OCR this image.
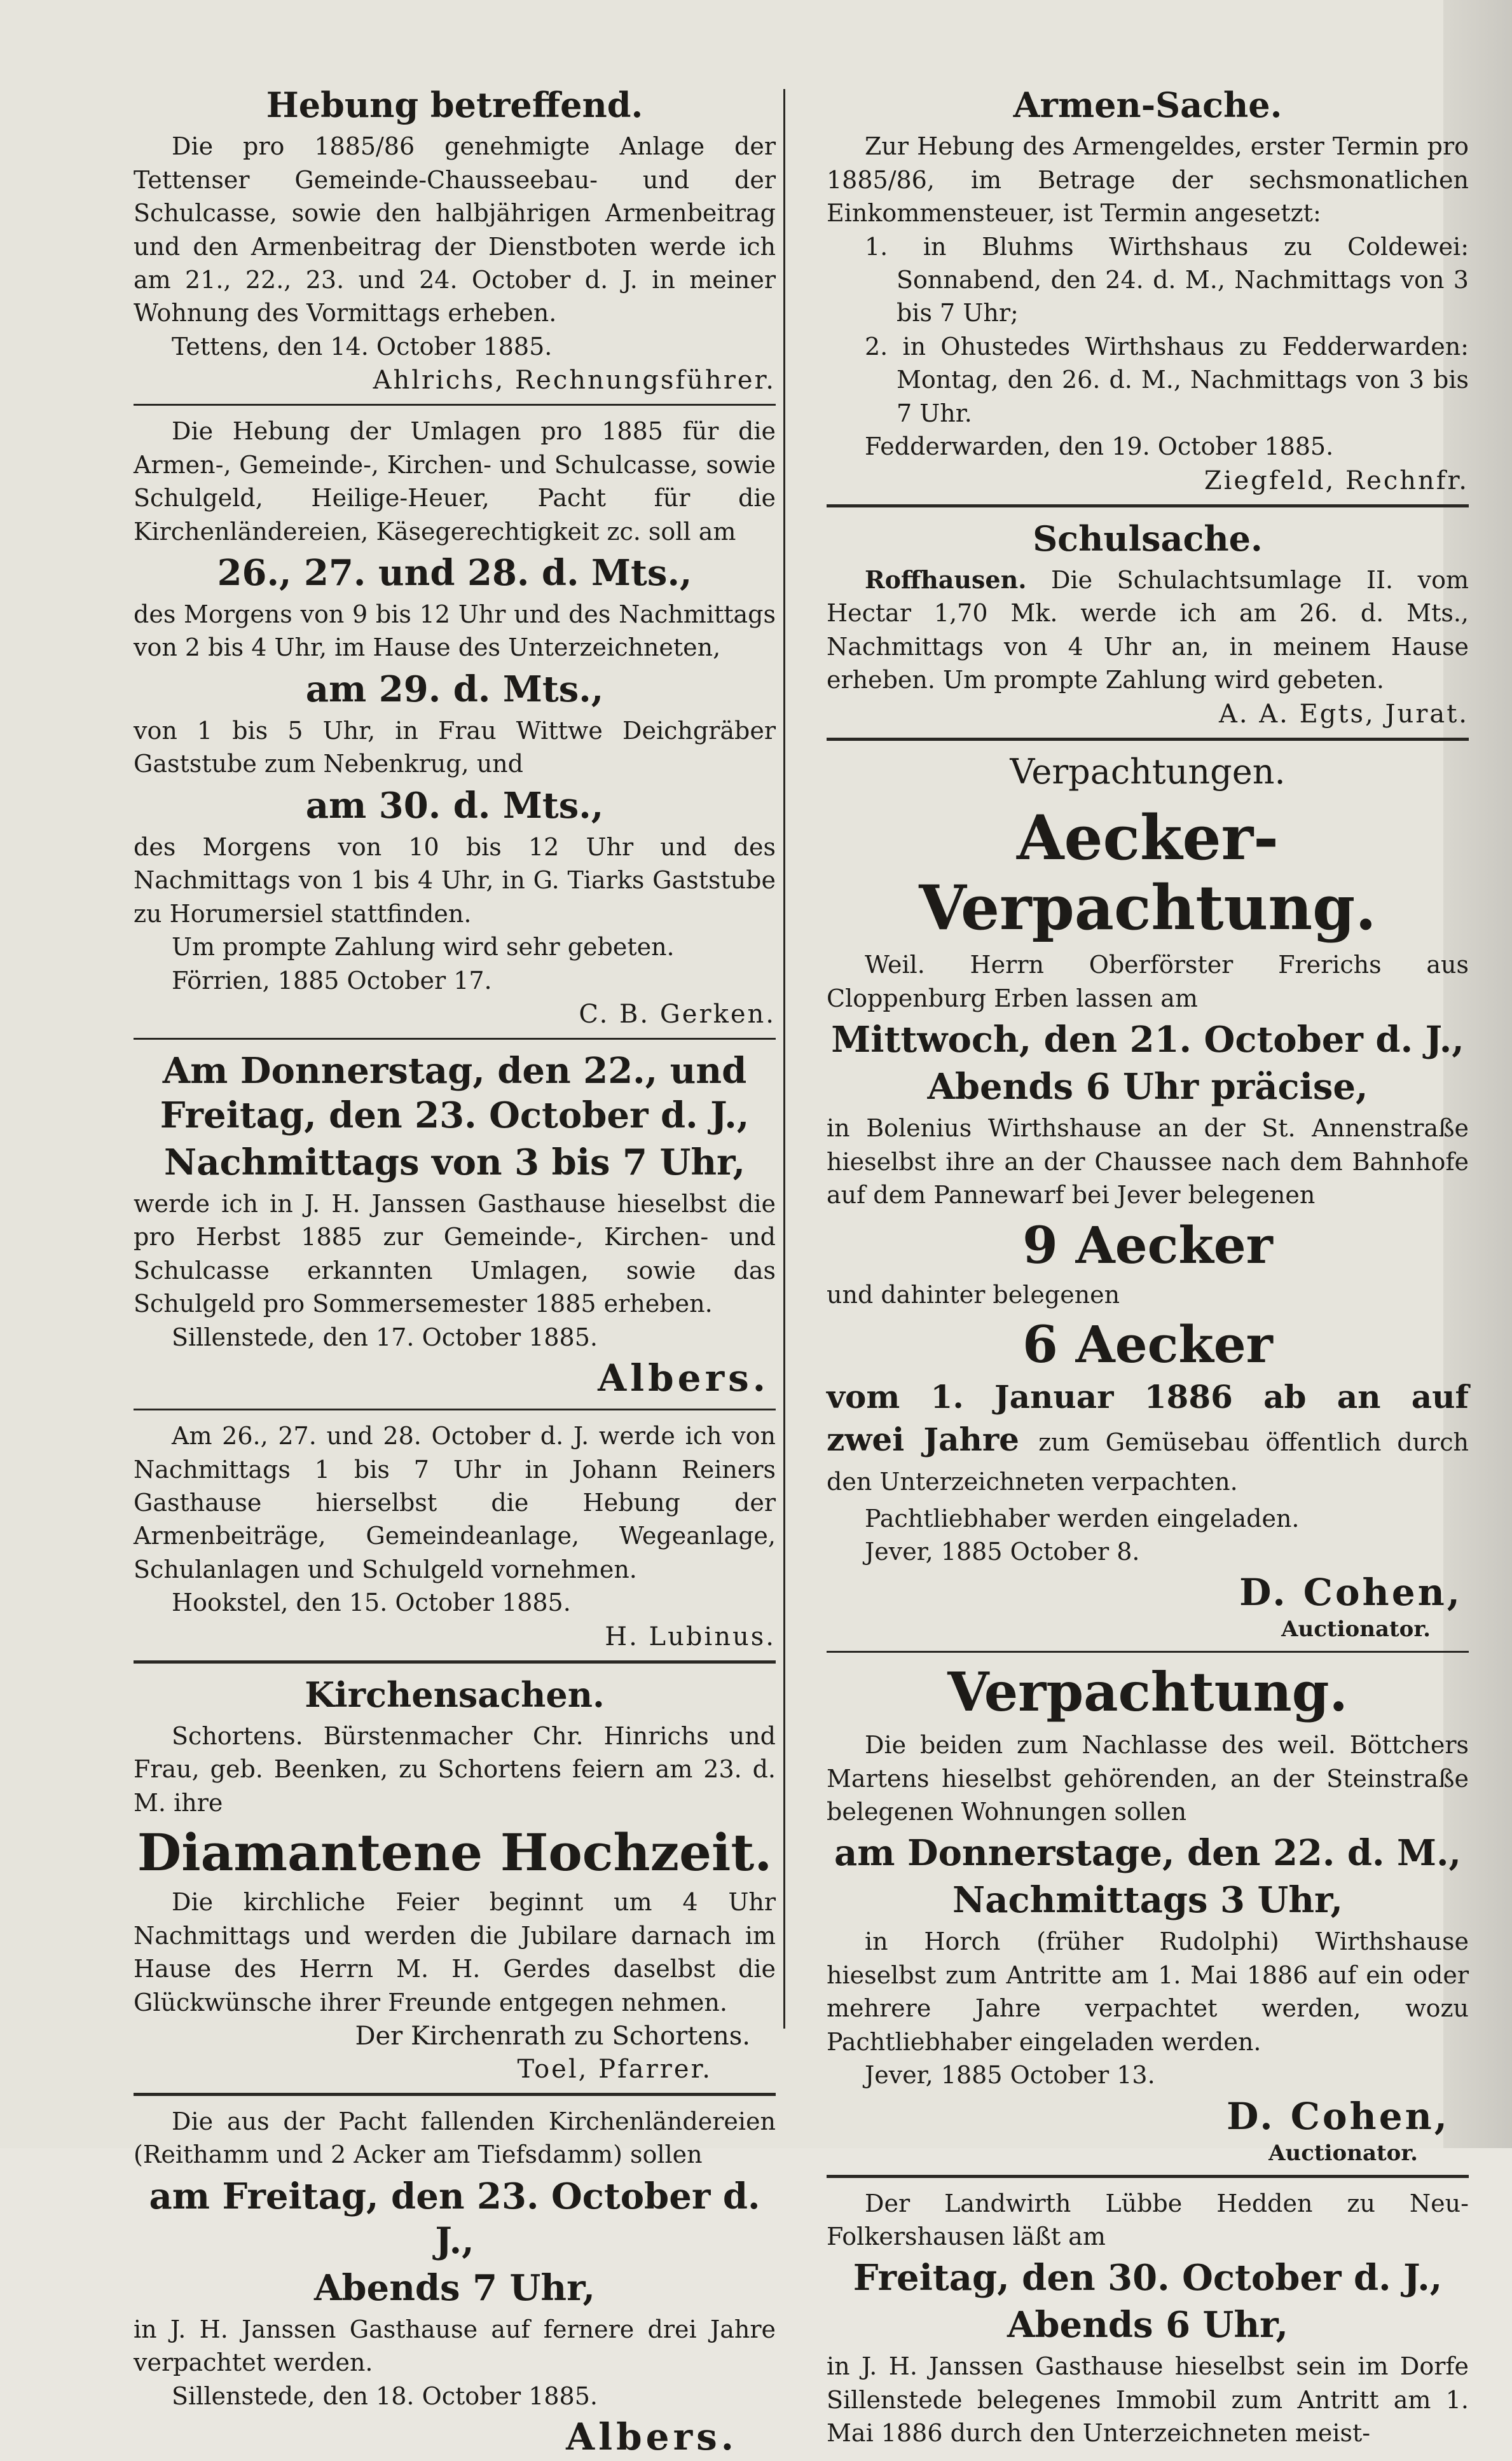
Hebung betreffend.

Die pro 1885/86 genehmigte Anlage der Tettenser Gemeinde-Chausseebau- und der Schulcasse, sowie den halbjährigen Armenbeitrag und den Armenbeitrag der Dienstboten werde ich am 21., 22., 23. und 24. October d. J. in meiner Wohnung des Vormittags erheben.

Tettens, den 14. October 1885.

Ahlrichs, Rechnungsführer.

Die Hebung der Umlagen pro 1885 für die Armen-, Gemeinde-, Kirchen- und Schulcasse, sowie Schulgeld, Heilige-Heuer, Pacht für die Kirchenländereien, Käsegerechtigkeit zc. soll am

26., 27. und 28. d. Mts.,

des Morgens von 9 bis 12 Uhr und des Nachmittags von 2 bis 4 Uhr, im Hause des Unterzeichneten,

am 29. d. Mts.,

von 1 bis 5 Uhr, in Frau Wittwe Deichgräber Gaststube zum Nebenkrug, und

am 30. d. Mts.,

des Morgens von 10 bis 12 Uhr und des Nachmittags von 1 bis 4 Uhr, in G. Tiarks Gaststube zu Horumersiel stattfinden.

Um prompte Zahlung wird sehr gebeten.

Förrien, 1885 October 17.

C. B. Gerken.
Am Donnerstag, den 22., und Freitag, den 23. October d. J.,
Nachmittags von 3 bis 7 Uhr,

werde ich in J. H. Janssen Gasthause hieselbst die pro Herbst 1885 zur Gemeinde-, Kirchen- und Schulcasse erkannten Umlagen, sowie das Schulgeld pro Sommersemester 1885 erheben.

Sillenstede, den 17. October 1885.

Albers.

Am 26., 27. und 28. October d. J. werde ich von Nachmittags 1 bis 7 Uhr in Johann Reiners Gasthause hierselbst die Hebung der Armenbeiträge, Gemeindeanlage, Wegeanlage, Schulanlagen und Schulgeld vornehmen.

Hookstel, den 15. October 1885.

H. Lubinus.
Kirchensachen.

Schortens. Bürstenmacher Chr. Hinrichs und Frau, geb. Beenken, zu Schortens feiern am 23. d. M. ihre

Diamantene Hochzeit.

Die kirchliche Feier beginnt um 4 Uhr Nachmittags und werden die Jubilare darnach im Hause des Herrn M. H. Gerdes daselbst die Glückwünsche ihrer Freunde entgegen nehmen.

Der Kirchenrath zu Schortens.
Toel, Pfarrer.

Die aus der Pacht fallenden Kirchenländereien (Reithamm und 2 Acker am Tiefsdamm) sollen

am Freitag, den 23. October d. J.,
Abends 7 Uhr,

in J. H. Janssen Gasthause auf fernere drei Jahre verpachtet werden.

Sillenstede, den 18. October 1885.

Albers.
Armen-Sache.

Zur Hebung des Armengeldes, erster Termin pro 1885/86, im Betrage der sechsmonatlichen Einkommensteuer, ist Termin angesetzt:

1. in Bluhms Wirthshaus zu Coldewei: Sonnabend, den 24. d. M., Nachmittags von 3 bis 7 Uhr;

2. in Ohustedes Wirthshaus zu Fedderwarden: Montag, den 26. d. M., Nachmittags von 3 bis 7 Uhr.

Fedderwarden, den 19. October 1885.

Ziegfeld, Rechnfr.
Schulsache.

Roffhausen. Die Schulachtsumlage II. vom Hectar 1,70 Mk. werde ich am 26. d. Mts., Nachmittags von 4 Uhr an, in meinem Hause erheben. Um prompte Zahlung wird gebeten.

A. A. Egts, Jurat.
Verpachtungen.
Aecker-Verpachtung.

Weil. Herrn Oberförster Frerichs aus Cloppenburg Erben lassen am

Mittwoch, den 21. October d. J.,
Abends 6 Uhr präcise,

in Bolenius Wirthshause an der St. Annenstraße hieselbst ihre an der Chaussee nach dem Bahnhofe auf dem Pannewarf bei Jever belegenen

9 Aecker

und dahinter belegenen

6 Aecker
vom 1. Januar 1886 ab an auf
zwei Jahre zum Gemüsebau öffentlich durch den Unterzeichneten verpachten.

Pachtliebhaber werden eingeladen.

Jever, 1885 October 8.

D. Cohen,
Auctionator.
Verpachtung.

Die beiden zum Nachlasse des weil. Böttchers Martens hieselbst gehörenden, an der Steinstraße belegenen Wohnungen sollen

am Donnerstage, den 22. d. M.,
Nachmittags 3 Uhr,

in Horch (früher Rudolphi) Wirthshause hieselbst zum Antritte am 1. Mai 1886 auf ein oder mehrere Jahre verpachtet werden, wozu Pachtliebhaber eingeladen werden.

Jever, 1885 October 13.

D. Cohen,
Auctionator.

Der Landwirth Lübbe Hedden zu Neu-Folkershausen läßt am

Freitag, den 30. October d. J.,
Abends 6 Uhr,

in J. H. Janssen Gasthause hieselbst sein im Dorfe Sillenstede belegenes Immobil zum Antritt am 1. Mai 1886 durch den Unterzeichneten meist-
